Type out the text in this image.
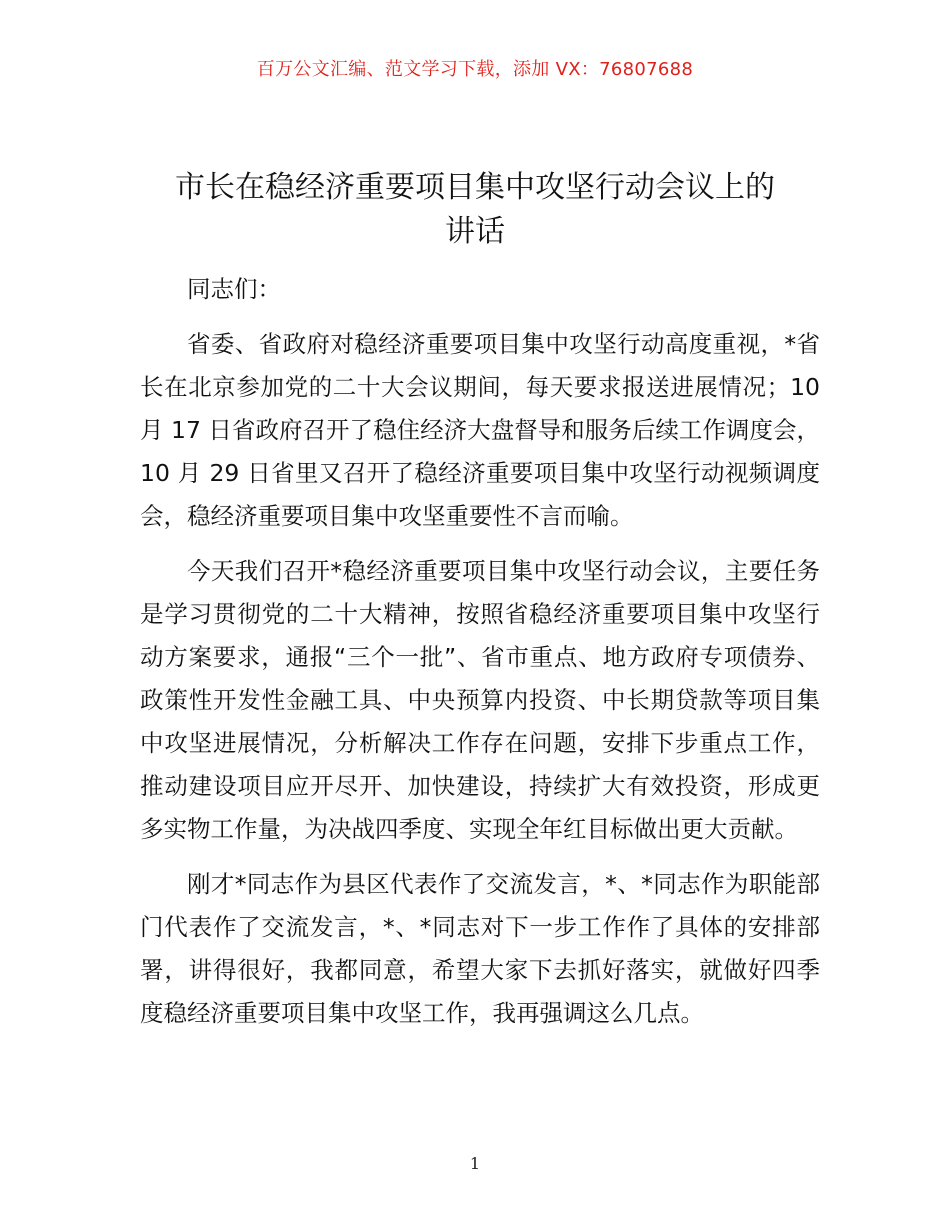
百万公文汇编、范文学习下载，添加 VX：76807688
市长在稳经济重要项目集中攻坚行动会议上的
讲话

同志们：

省委、省政府对稳经济重要项目集中攻坚行动高度重视，*省长在北京参加党的二十大会议期间，每天要求报送进展情况；10 月 17 日省政府召开了稳住经济大盘督导和服务后续工作调度会，10 月 29 日省里又召开了稳经济重要项目集中攻坚行动视频调度会，稳经济重要项目集中攻坚重要性不言而喻。

今天我们召开*稳经济重要项目集中攻坚行动会议，主要任务是学习贯彻党的二十大精神，按照省稳经济重要项目集中攻坚行动方案要求，通报“三个一批”、省市重点、地方政府专项债券、政策性开发性金融工具、中央预算内投资、中长期贷款等项目集中攻坚进展情况，分析解决工作存在问题，安排下步重点工作，推动建设项目应开尽开、加快建设，持续扩大有效投资，形成更多实物工作量，为决战四季度、实现全年红目标做出更大贡献。

刚才*同志作为县区代表作了交流发言，*、*同志作为职能部门代表作了交流发言，*、*同志对下一步工作作了具体的安排部署，讲得很好，我都同意，希望大家下去抓好落实，就做好四季度稳经济重要项目集中攻坚工作，我再强调这么几点。

1
